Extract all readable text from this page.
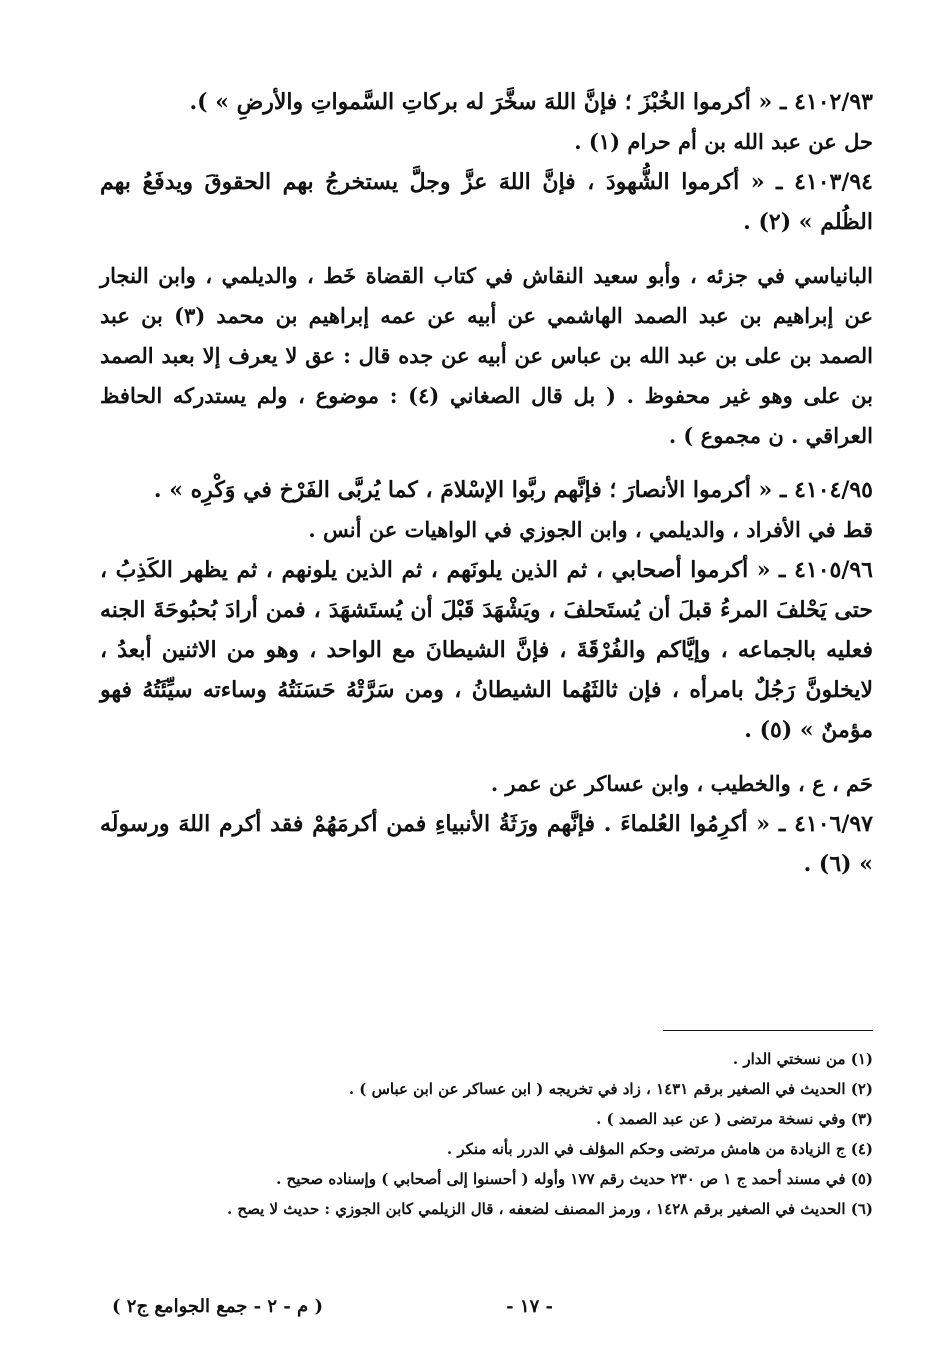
٤١٠٢/٩٣ ـ « أكرموا الخُبْزَ ؛ فإنَّ اللهَ سخَّرَ له بركاتِ السَّمواتِ والأرضِ » ).

حل عن عبد الله بن أم حرام (١) .

٤١٠٣/٩٤ ـ « أكرموا الشُّهودَ ، فإنَّ اللهَ عزَّ وجلَّ يستخرجُ بهم الحقوقَ ويدفَعُ بهم الظُلم » (٢) .

البانياسي في جزئه ، وأبو سعيد النقاش في كتاب القضاة خَط ، والديلمي ، وابن النجار عن إبراهيم بن عبد الصمد الهاشمي عن أبيه عن عمه إبراهيم بن محمد (٣) بن عبد الصمد بن على بن عبد الله بن عباس عن أبيه عن جده قال : عق لا يعرف إلا بعبد الصمد بن على وهو غير محفوظ . ( بل قال الصغاني (٤) : موضوع ، ولم يستدركه الحافظ العراقي . ن مجموع ) .

٤١٠٤/٩٥ ـ « أكرموا الأنصارَ ؛ فإنَّهم ربَّوا الإسْلامَ ، كما يُربَّى الفَرْخ في وَكْرِه » .

قط في الأفراد ، والديلمي ، وابن الجوزي في الواهيات عن أنس .

٤١٠٥/٩٦ ـ « أكرموا أصحابي ، ثم الذين يلونَهم ، ثم الذين يلونهم ، ثم يظهر الكَذِبُ ، حتى يَحْلفَ المرءُ قبلَ أن يُستَحلفَ ، ويَشْهَدَ قَبْلَ أن يُستَشهَدَ ، فمن أرادَ بُحبُوحَةَ الجنه فعليه بالجماعه ، وإيَّاكم والفُرْقَةَ ، فإنَّ الشيطانَ مع الواحد ، وهو من الاثنين أبعدُ ، لايخلونَّ رَجُلٌ بامرأه ، فإن ثالثَهُما الشيطانُ ، ومن سَرَّتْهُ حَسَنَتُهُ وساءته سيِّئَتُهُ فهو مؤمنٌ » (٥) .

حَم ، ع ، والخطيب ، وابن عساكر عن عمر .

٤١٠٦/٩٧ ـ « أكرِمُوا العُلماءَ . فإنَّهم ورَثَةُ الأنبياءِ فمن أكرمَهُمْ فقد أكرم اللهَ ورسولَه » (٦) .

(١) من نسختي الدار .

(٢) الحديث في الصغير برقم ١٤٣١ ، زاد في تخريجه ( ابن عساكر عن ابن عباس ) .

(٣) وفي نسخة مرتضى ( عن عبد الصمد ) .

(٤) ج الزيادة من هامش مرتضى وحكم المؤلف في الدرر بأنه منكر .

(٥) في مسند أحمد ج ١ ص ٢٣٠ حديث رقم ١٧٧ وأوله ( أحسنوا إلى أصحابي ) وإسناده صحيح .

(٦) الحديث في الصغير برقم ١٤٢٨ ، ورمز المصنف لضعفه ، قال الزيلمي كابن الجوزي : حديث لا يصح .

- ١٧ -
( م - ٢ - جمع الجوامع ج٢ )
